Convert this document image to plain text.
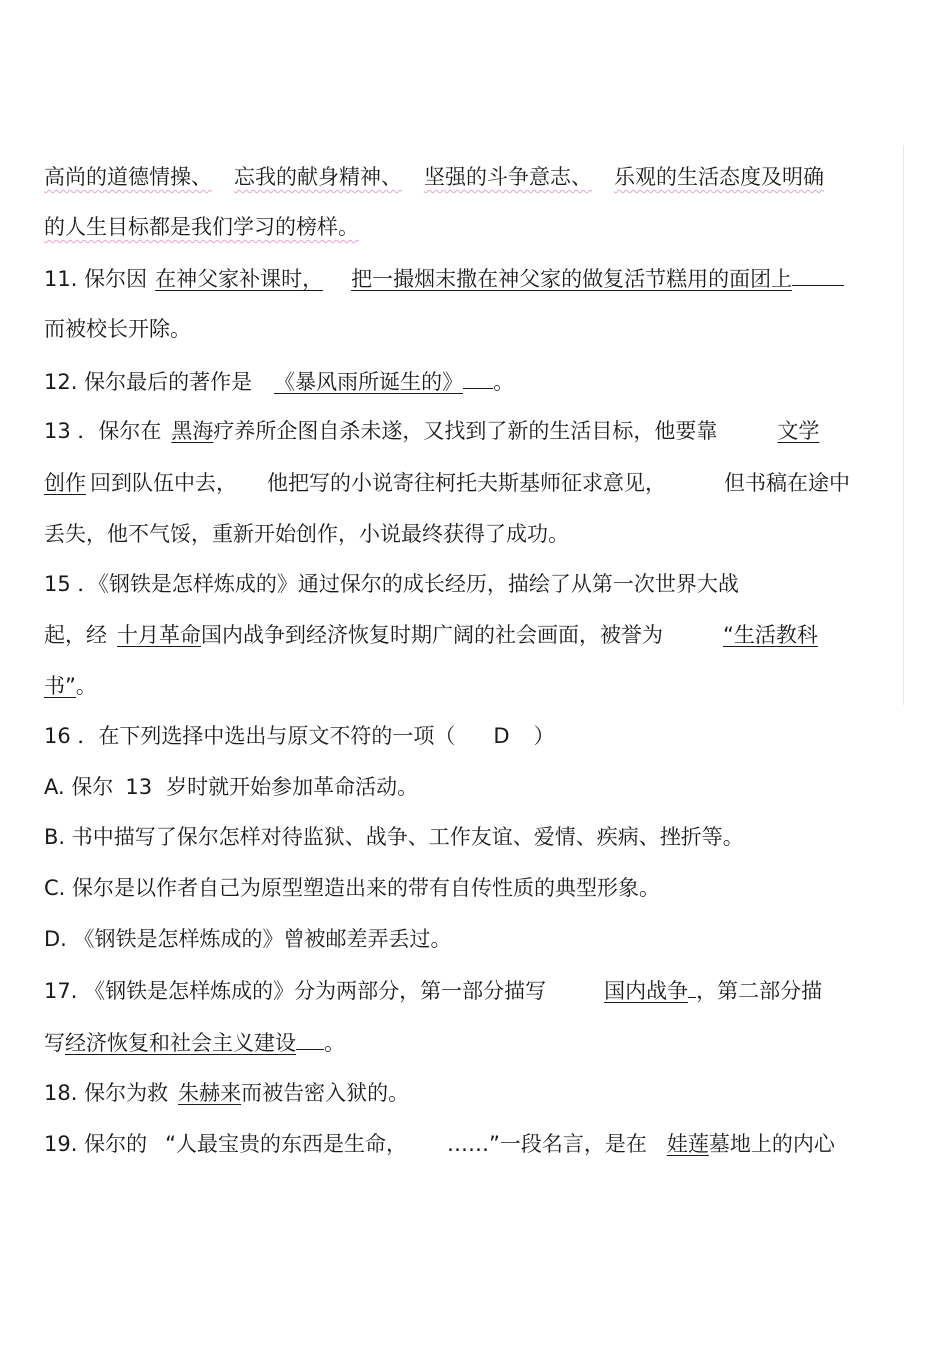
高尚的道德情操、 忘我的献身精神、 坚强的斗争意志、 乐观的生活态度及明确
的人生目标都是我们学习的榜样。
11. 保尔因 在神父家补课时， 把一撮烟末撒在神父家的做复活节糕用的面团上
而被校长开除。
12. 保尔最后的著作是 《暴风雨所诞生的》 。
13 ．保尔在 黑海疗养所企图自杀未遂，又找到了新的生活目标，他要靠	文学
创作 回到队伍中去， 他把写的小说寄往柯托夫斯基师征求意见，	但书稿在途中
丢失，他不气馁，重新开始创作，小说最终获得了成功。
15 ．《钢铁是怎样炼成的》通过保尔的成长经历，描绘了从第一次世界大战
起，经 十月革命国内战争到经济恢复时期广阔的社会画面，被誉为	“生活教科
书”。
16 ．在下列选择中选出与原文不符的一项（ D ）
A. 保尔 13 岁时就开始参加革命活动。
B. 书中描写了保尔怎样对待监狱、战争、工作友谊、爱情、疾病、挫折等。
C. 保尔是以作者自己为原型塑造出来的带有自传性质的典型形象。
D. 《钢铁是怎样炼成的》曾被邮差弄丢过。
17. 《钢铁是怎样炼成的》分为两部分，第一部分描写	国内战争 ，第二部分描
写经济恢复和社会主义建设 。
18. 保尔为救 朱赫来而被告密入狱的。
19. 保尔的 “人最宝贵的东西是生命， ……”一段名言，是在 娃莲墓地上的内心
